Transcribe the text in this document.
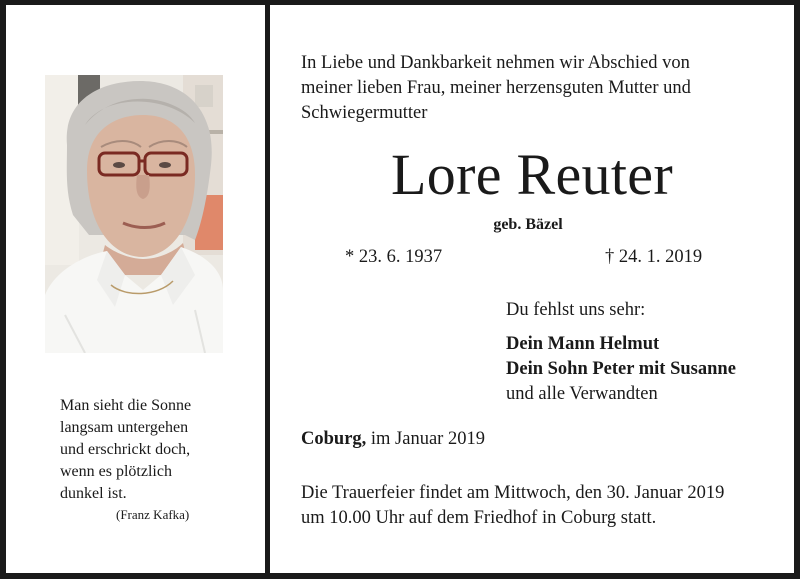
Man sieht die Sonne
langsam untergehen
und erschrickt doch,
wenn es plötzlich
dunkel ist.
(Franz Kafka)
In Liebe und Dankbarkeit nehmen wir Abschied von
meiner lieben Frau, meiner herzensguten Mutter und
Schwiegermutter
Lore Reuter
geb. Bäzel
* 23. 6. 1937	† 24. 1. 2019
Du fehlst uns sehr:
Dein Mann Helmut
Dein Sohn Peter mit Susanne
und alle Verwandten
Coburg, im Januar 2019
Die Trauerfeier findet am Mittwoch, den 30. Januar 2019
um 10.00 Uhr auf dem Friedhof in Coburg statt.
